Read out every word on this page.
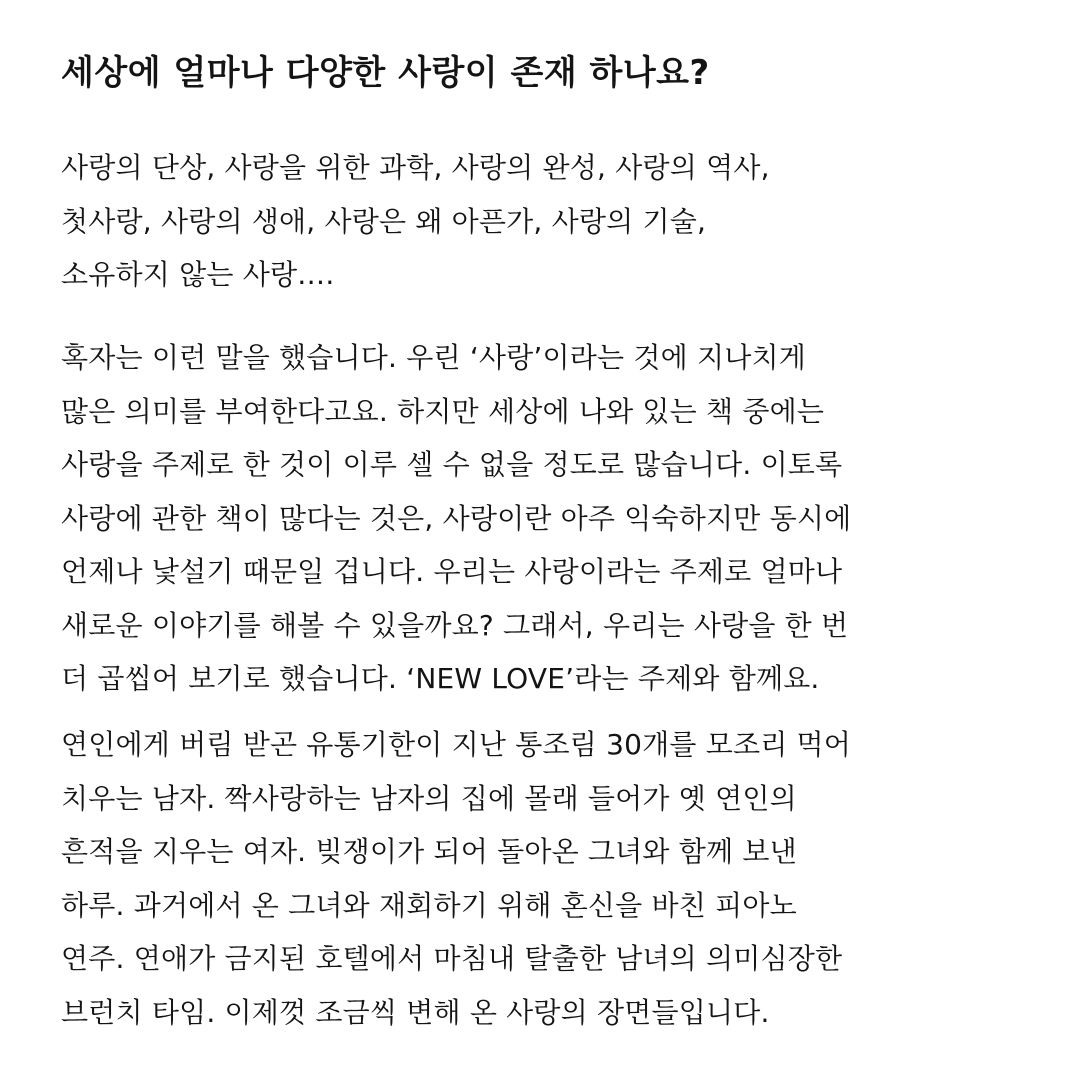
세상에 얼마나 다양한 사랑이 존재 하나요?
사랑의 단상, 사랑을 위한 과학, 사랑의 완성, 사랑의 역사,
첫사랑, 사랑의 생애, 사랑은 왜 아픈가, 사랑의 기술,
소유하지 않는 사랑….
혹자는 이런 말을 했습니다. 우린 ‘사랑’이라는 것에 지나치게
많은 의미를 부여한다고요. 하지만 세상에 나와 있는 책 중에는
사랑을 주제로 한 것이 이루 셀 수 없을 정도로 많습니다. 이토록
사랑에 관한 책이 많다는 것은, 사랑이란 아주 익숙하지만 동시에
언제나 낯설기 때문일 겁니다. 우리는 사랑이라는 주제로 얼마나
새로운 이야기를 해볼 수 있을까요? 그래서, 우리는 사랑을 한 번
더 곱씹어 보기로 했습니다. ‘NEW LOVE’라는 주제와 함께요.
연인에게 버림 받곤 유통기한이 지난 통조림 30개를 모조리 먹어
치우는 남자. 짝사랑하는 남자의 집에 몰래 들어가 옛 연인의
흔적을 지우는 여자. 빚쟁이가 되어 돌아온 그녀와 함께 보낸
하루. 과거에서 온 그녀와 재회하기 위해 혼신을 바친 피아노
연주. 연애가 금지된 호텔에서 마침내 탈출한 남녀의 의미심장한
브런치 타임. 이제껏 조금씩 변해 온 사랑의 장면들입니다.
